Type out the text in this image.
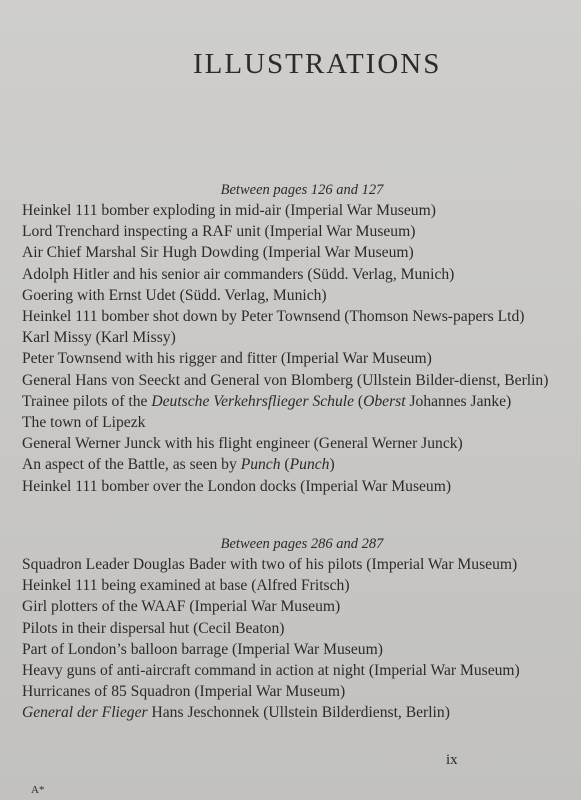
ILLUSTRATIONS
Between pages 126 and 127
Heinkel 111 bomber exploding in mid-air (Imperial War Museum)
Lord Trenchard inspecting a RAF unit (Imperial War Museum)
Air Chief Marshal Sir Hugh Dowding (Imperial War Museum)
Adolph Hitler and his senior air commanders (Südd. Verlag, Munich)
Goering with Ernst Udet (Südd. Verlag, Munich)
Heinkel 111 bomber shot down by Peter Townsend (Thomson News-papers Ltd)
Karl Missy (Karl Missy)
Peter Townsend with his rigger and fitter (Imperial War Museum)
General Hans von Seeckt and General von Blomberg (Ullstein Bilder-dienst, Berlin)
Trainee pilots of the Deutsche Verkehrsflieger Schule (Oberst Johannes Janke)
The town of Lipezk
General Werner Junck with his flight engineer (General Werner Junck)
An aspect of the Battle, as seen by Punch (Punch)
Heinkel 111 bomber over the London docks (Imperial War Museum)
Between pages 286 and 287
Squadron Leader Douglas Bader with two of his pilots (Imperial War Museum)
Heinkel 111 being examined at base (Alfred Fritsch)
Girl plotters of the WAAF (Imperial War Museum)
Pilots in their dispersal hut (Cecil Beaton)
Part of London’s balloon barrage (Imperial War Museum)
Heavy guns of anti-aircraft command in action at night (Imperial War Museum)
Hurricanes of 85 Squadron (Imperial War Museum)
General der Flieger Hans Jeschonnek (Ullstein Bilderdienst, Berlin)
ix
A*
